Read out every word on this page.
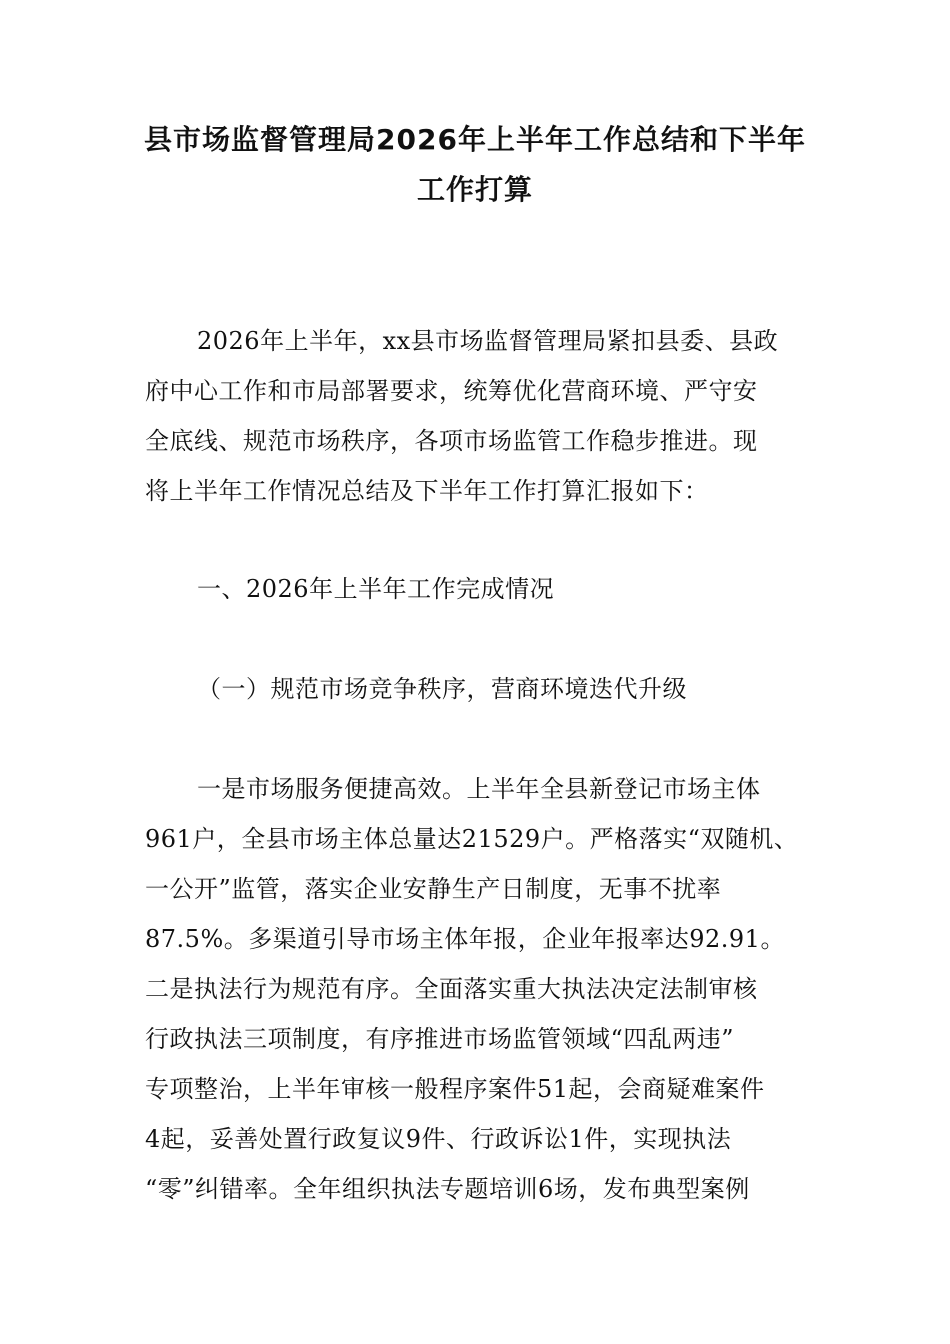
县市场监督管理局2026年上半年工作总结和下半年
工作打算
2026年上半年，xx县市场监督管理局紧扣县委、县政
府中心工作和市局部署要求，统筹优化营商环境、严守安
全底线、规范市场秩序，各项市场监管工作稳步推进。现
将上半年工作情况总结及下半年工作打算汇报如下：
一、2026年上半年工作完成情况
（一）规范市场竞争秩序，营商环境迭代升级
一是市场服务便捷高效。上半年全县新登记市场主体
961户，全县市场主体总量达21529户。严格落实“双随机、
一公开”监管，落实企业安静生产日制度，无事不扰率
87.5%。多渠道引导市场主体年报，企业年报率达92.91。
二是执法行为规范有序。全面落实重大执法决定法制审核
行政执法三项制度，有序推进市场监管领域“四乱两违”
专项整治，上半年审核一般程序案件51起，会商疑难案件
4起，妥善处置行政复议9件、行政诉讼1件，实现执法
“零”纠错率。全年组织执法专题培训6场，发布典型案例
